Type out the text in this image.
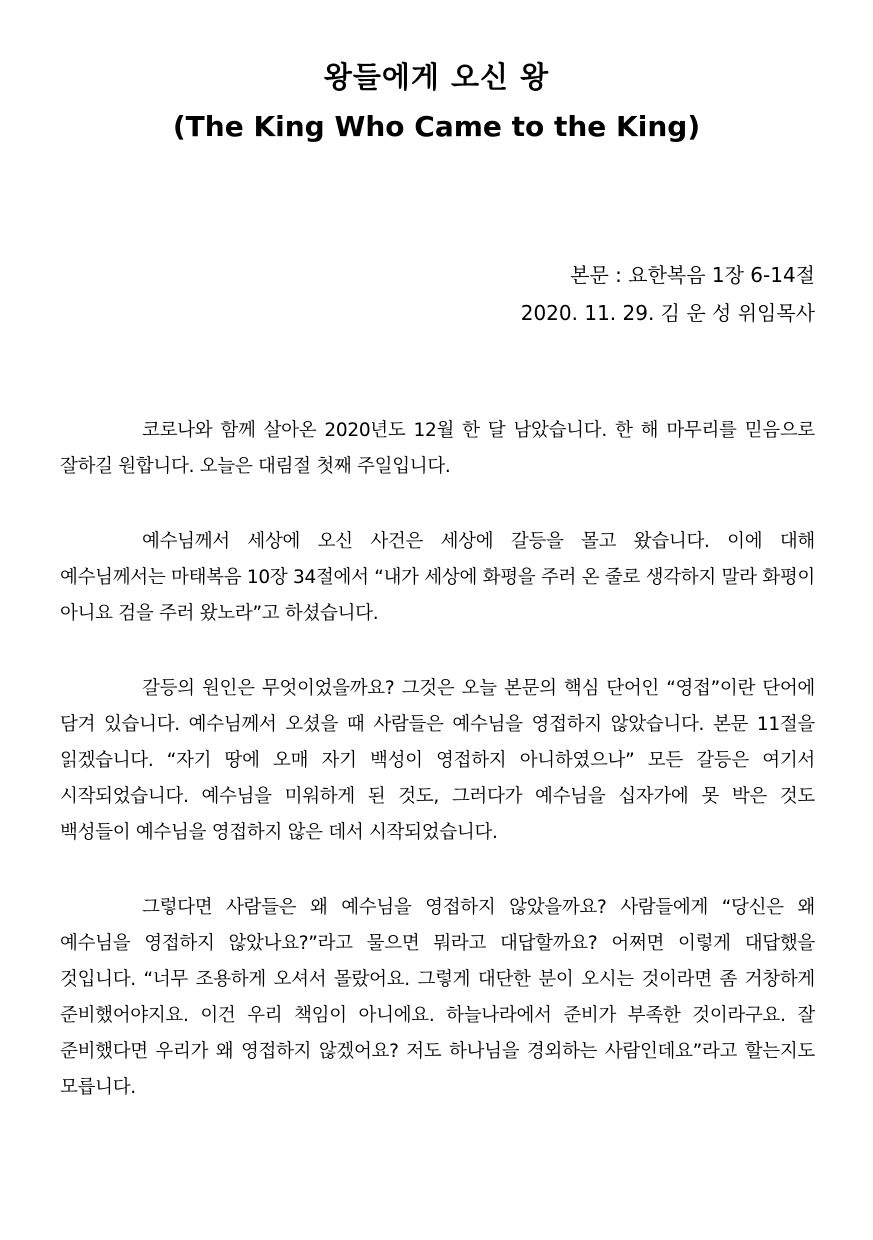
왕들에게 오신 왕
(The King Who Came to the King)
본문 : 요한복음 1장 6-14절
2020. 11. 29. 김 운 성 위임목사

코로나와 함께 살아온 2020년도 12월 한 달 남았습니다. 한 해 마무리를 믿음으로 잘하길 원합니다. 오늘은 대림절 첫째 주일입니다.

예수님께서 세상에 오신 사건은 세상에 갈등을 몰고 왔습니다. 이에 대해 예수님께서는 마태복음 10장 34절에서 “내가 세상에 화평을 주러 온 줄로 생각하지 말라 화평이 아니요 검을 주러 왔노라”고 하셨습니다.

갈등의 원인은 무엇이었을까요? 그것은 오늘 본문의 핵심 단어인 “영접”이란 단어에 담겨 있습니다. 예수님께서 오셨을 때 사람들은 예수님을 영접하지 않았습니다. 본문 11절을 읽겠습니다. “자기 땅에 오매 자기 백성이 영접하지 아니하였으나” 모든 갈등은 여기서 시작되었습니다. 예수님을 미워하게 된 것도, 그러다가 예수님을 십자가에 못 박은 것도 백성들이 예수님을 영접하지 않은 데서 시작되었습니다.

그렇다면 사람들은 왜 예수님을 영접하지 않았을까요? 사람들에게 “당신은 왜 예수님을 영접하지 않았나요?”라고 물으면 뭐라고 대답할까요? 어쩌면 이렇게 대답했을 것입니다. “너무 조용하게 오셔서 몰랐어요. 그렇게 대단한 분이 오시는 것이라면 좀 거창하게 준비했어야지요. 이건 우리 책임이 아니에요. 하늘나라에서 준비가 부족한 것이라구요. 잘 준비했다면 우리가 왜 영접하지 않겠어요? 저도 하나님을 경외하는 사람인데요”라고 할는지도 모릅니다.
